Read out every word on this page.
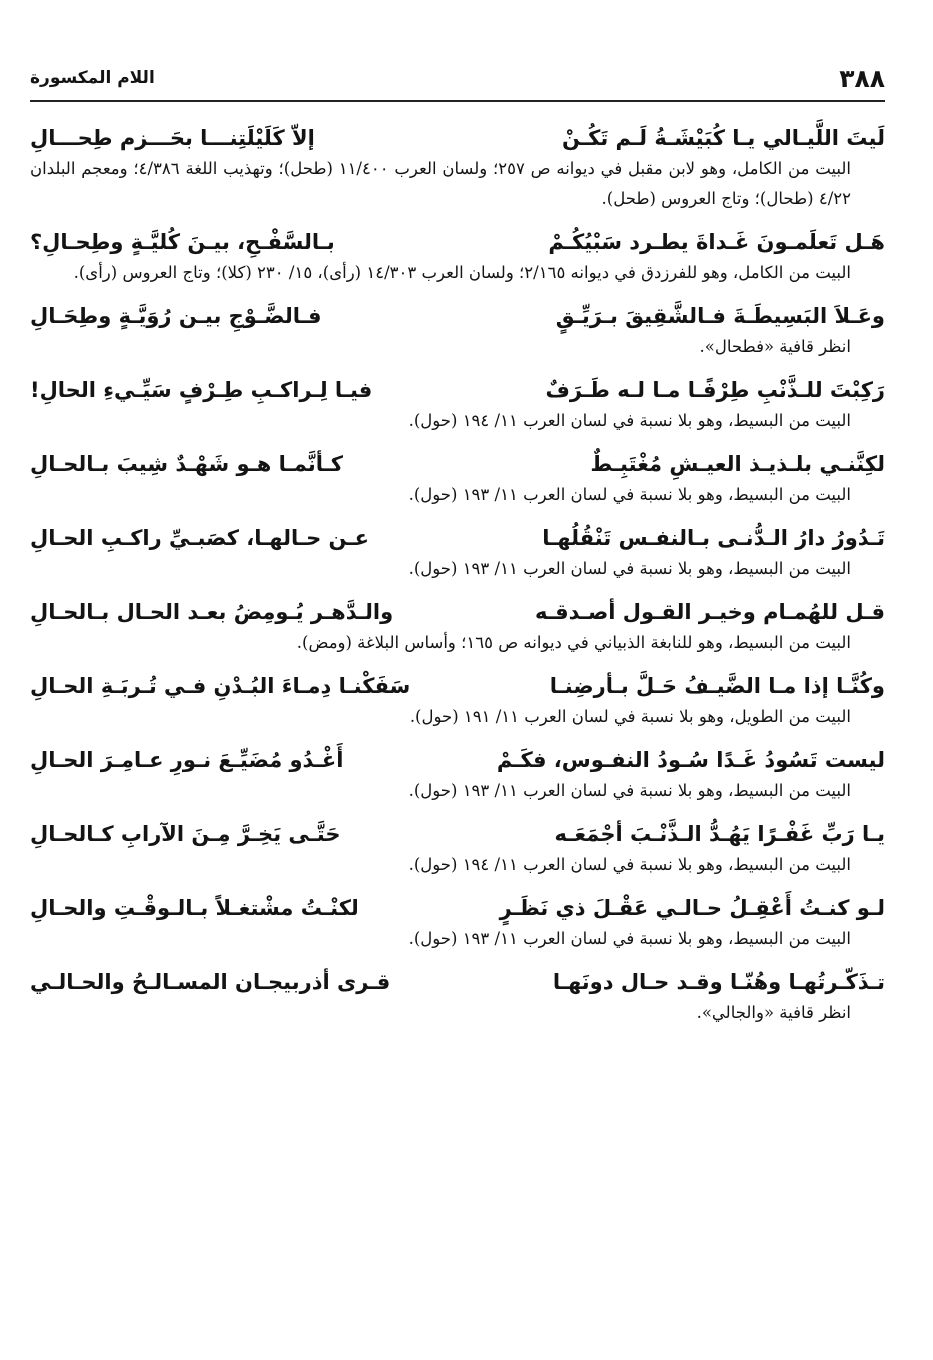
٣٨٨
اللام المكسورة
لَيتَ اللَّيـالي يـا كُبَيْشَـةُ لَـم تَكُـنْ
إلاّ كَلَيْلَتِنـــا بحَـــزم طِحـــالِ
البيت من الكامل، وهو لابن مقبل في ديوانه ص ٢٥٧؛ ولسان العرب ١١/٤٠٠ (طحل)؛ وتهذيب اللغة ٤/٣٨٦؛ ومعجم البلدان ٤/٢٢ (طحال)؛ وتاج العروس (طحل).
هَـل تَعلَمـونَ غَـداةَ يطـرد سَبْيُكُـمْ
بـالسَّفْـحِ، بيـنَ كُليَّـةٍ وطِحـالِ؟
البيت من الكامل، وهو للفرزدق في ديوانه ٢/١٦٥؛ ولسان العرب ١٤/٣٠٣ (رأى)، ١٥/ ٢٣٠ (كلا)؛ وتاج العروس (رأى).
وعَـلاَ البَسِيطَـةَ فـالشَّقِيقَ بـرَيِّـقٍ
فـالضَّـوْجِ بيـن رُوَيَّـةٍ وطِحَـالِ
انظر قافية «فطحال».
رَكِبْتَ للـذَّنْبِ طِرْفًـا مـا لـه طَـرَفٌ
فيـا لِـراكـبِ طِـرْفٍ سَيِّـيءِ الحالِ!
البيت من البسيط، وهو بلا نسبة في لسان العرب ١١/ ١٩٤ (حول).
لكِنَّنـي بلـذيـذ العيـشِ مُغْتَبِـطٌ
كـأنَّمـا هـو شَهْـدٌ شِيبَ بـالحـالِ
البيت من البسيط، وهو بلا نسبة في لسان العرب ١١/ ١٩٣ (حول).
تَـدُورُ دارُ الـدُّنـى بـالنفـس تَنْقُلُهـا
عـن حـالهـا، كصَبـيِّ راكـبِ الحـالِ
البيت من البسيط، وهو بلا نسبة في لسان العرب ١١/ ١٩٣ (حول).
قـل للهُمـام وخيـر القـول أصـدقـه
والـدَّهـر يُـومِضُ بعـد الحـال بـالحـالِ
البيت من البسيط، وهو للنابغة الذبياني في ديوانه ص ١٦٥؛ وأساس البلاغة (ومض).
وكُنَّـا إذا مـا الضَّيـفُ حَـلَّ بـأرضِنـا
سَفَكْنـا دِمـاءَ البُـدْنِ فـي تُـربَـةِ الحـالِ
البيت من الطويل، وهو بلا نسبة في لسان العرب ١١/ ١٩١ (حول).
ليست تَسُودُ غَـدًا سُـودُ النفـوس، فكَـمْ
أَغْـدُو مُضَيِّـعَ نـورِ عـامِـرَ الحـالِ
البيت من البسيط، وهو بلا نسبة في لسان العرب ١١/ ١٩٣ (حول).
يـا رَبِّ غَفْـرًا يَهُـدُّ الـذَّنْـبَ أجْمَعَـه
حَتَّـى يَخِـرَّ مِـنَ الآرابِ كـالحـالِ
البيت من البسيط، وهو بلا نسبة في لسان العرب ١١/ ١٩٤ (حول).
لـو كنـتُ أَعْقِـلُ حـالـي عَقْـلَ ذي نَظَـرٍ
لكنْـتُ مشْتغـلاً بـالـوقْـتِ والحـالِ
البيت من البسيط، وهو بلا نسبة في لسان العرب ١١/ ١٩٣ (حول).
تـذَكّـرتُهـا وهُنّـا وقـد حـال دونَهـا
قـرى أذربيجـان المسـالـحُ والحـالـي
انظر قافية «والجالي».
